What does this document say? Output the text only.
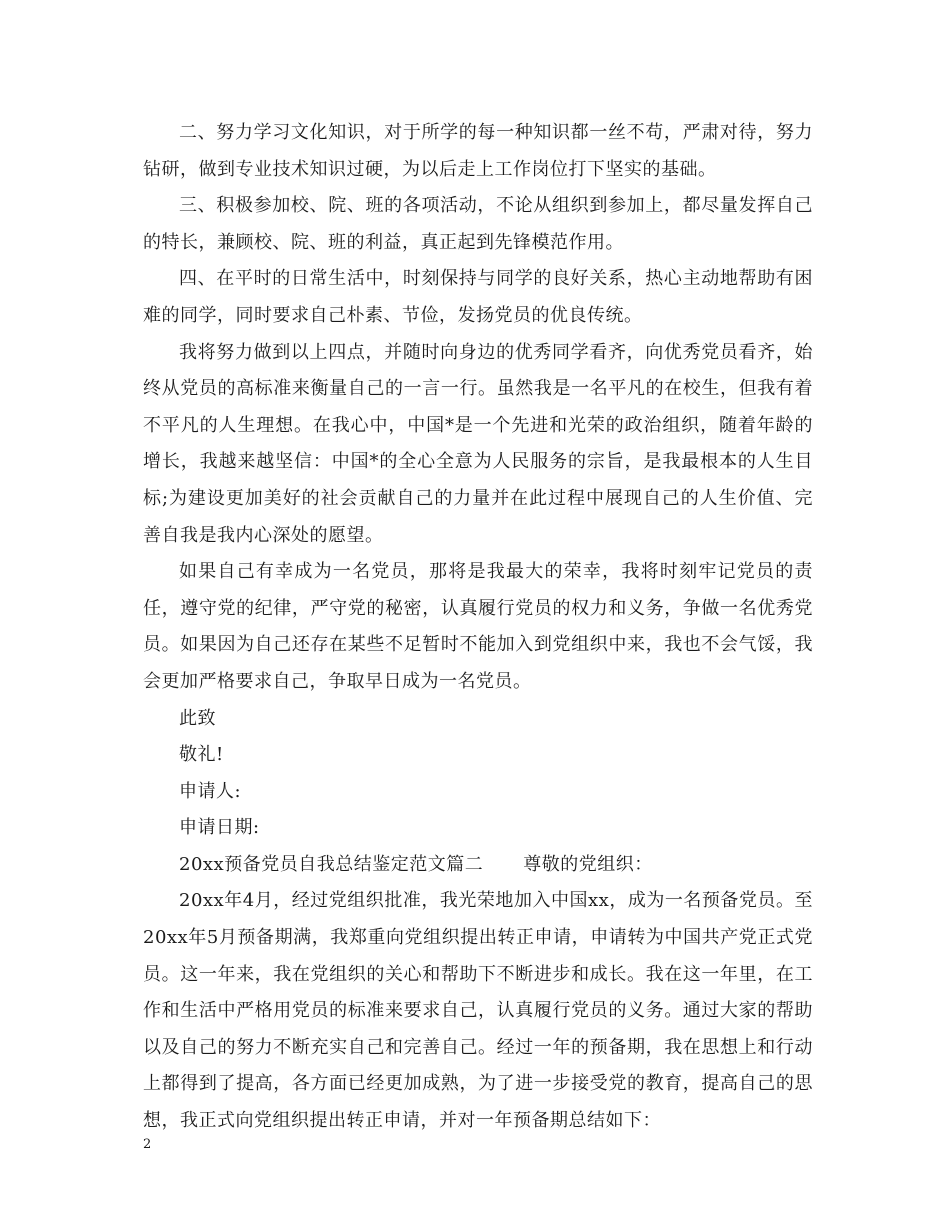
二、努力学习文化知识，对于所学的每一种知识都一丝不苟，严肃对待，努力钻研，做到专业技术知识过硬，为以后走上工作岗位打下坚实的基础。

三、积极参加校、院、班的各项活动，不论从组织到参加上，都尽量发挥自己的特长，兼顾校、院、班的利益，真正起到先锋模范作用。

四、在平时的日常生活中，时刻保持与同学的良好关系，热心主动地帮助有困难的同学，同时要求自己朴素、节俭，发扬党员的优良传统。

我将努力做到以上四点，并随时向身边的优秀同学看齐，向优秀党员看齐，始终从党员的高标准来衡量自己的一言一行。虽然我是一名平凡的在校生，但我有着不平凡的人生理想。在我心中，中国*是一个先进和光荣的政治组织，随着年龄的增长，我越来越坚信：中国*的全心全意为人民服务的宗旨，是我最根本的人生目标;为建设更加美好的社会贡献自己的力量并在此过程中展现自己的人生价值、完善自我是我内心深处的愿望。

如果自己有幸成为一名党员，那将是我最大的荣幸，我将时刻牢记党员的责任，遵守党的纪律，严守党的秘密，认真履行党员的权力和义务，争做一名优秀党员。如果因为自己还存在某些不足暂时不能加入到党组织中来，我也不会气馁，我会更加严格要求自己，争取早日成为一名党员。

此致

敬礼!

申请人:

申请日期:

20xx预备党员自我总结鉴定范文篇二 尊敬的党组织：

20xx年4月，经过党组织批准，我光荣地加入中国xx，成为一名预备党员。至20xx年5月预备期满，我郑重向党组织提出转正申请，申请转为中国共产党正式党员。这一年来，我在党组织的关心和帮助下不断进步和成长。我在这一年里，在工作和生活中严格用党员的标准来要求自己，认真履行党员的义务。通过大家的帮助以及自己的努力不断充实自己和完善自己。经过一年的预备期，我在思想上和行动上都得到了提高，各方面已经更加成熟，为了进一步接受党的教育，提高自己的思想，我正式向党组织提出转正申请，并对一年预备期总结如下：

2
